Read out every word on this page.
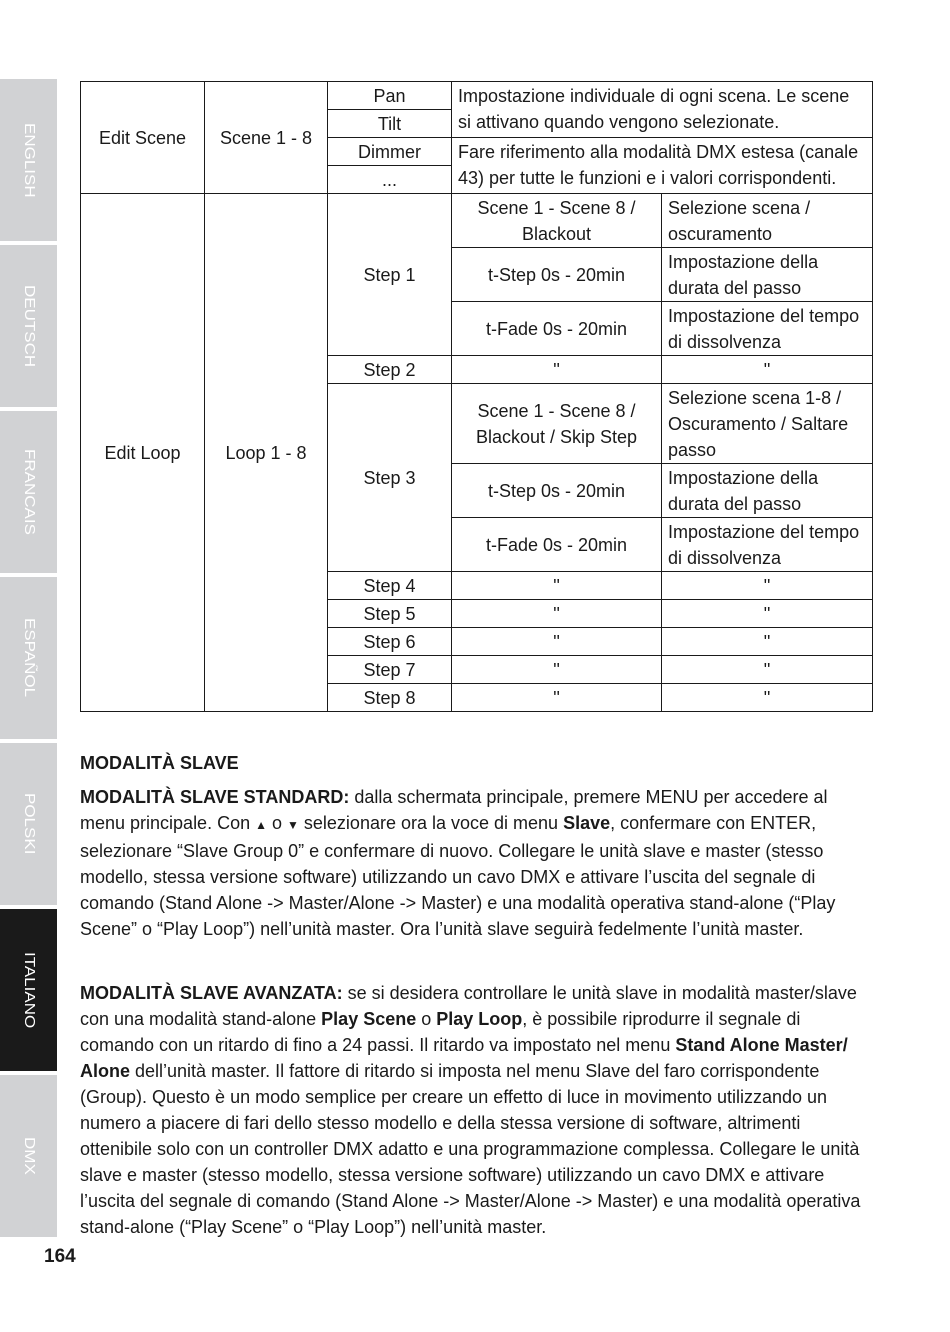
ENGLISH
DEUTSCH
FRANCAIS
ESPAÑOL
POLSKI
ITALIANO
DMX
Edit Scene	Scene 1 - 8	Pan	Impostazione individuale di ogni scena. Le scene si attivano quando vengono selezionate.	
		Tilt		
		Dimmer	Fare riferimento alla modalità DMX estesa (canale 43) per tutte le funzioni e i valori corrispondenti.	
		...		
Edit Loop	Loop 1 - 8	Step 1	Scene 1 - Scene 8 / Blackout	Selezione scena / oscuramento
			t-Step 0s - 20min	Impostazione della durata del passo
			t-Fade 0s - 20min	Impostazione del tempo di dissolvenza
		Step 2	''	''
		Step 3	Scene 1 - Scene 8 / Blackout / Skip Step	Selezione scena 1-8 / Oscuramento / Saltare passo
			t-Step 0s - 20min	Impostazione della durata del passo
			t-Fade 0s - 20min	Impostazione del tempo di dissolvenza
		Step 4	''	''
		Step 5	''	''
		Step 6	''	''
		Step 7	''	''
		Step 8	''	''
MODALITÀ SLAVE

MODALITÀ SLAVE STANDARD: dalla schermata principale, premere MENU per accedere al menu principale. Con ▲ o ▼ selezionare ora la voce di menu Slave, confermare con ENTER, selezionare “Slave Group 0” e confermare di nuovo. Collegare le unità slave e master (stesso modello, stessa versione software) utilizzando un cavo DMX e attivare l’uscita del segnale di comando (Stand Alone -> Master/Alone -> Master) e una modalità operativa stand-alone (“Play Scene” o “Play Loop”) nell’unità master. Ora l’unità slave seguirà fedelmente l’unità master.

MODALITÀ SLAVE AVANZATA: se si desidera controllare le unità slave in modalità master/slave con una modalità stand-alone Play Scene o Play Loop, è possibile riprodurre il segnale di comando con un ritardo di fino a 24 passi. Il ritardo va impostato nel menu Stand Alone Master/ Alone dell’unità master. Il fattore di ritardo si imposta nel menu Slave del faro corrispondente (Group). Questo è un modo semplice per creare un effetto di luce in movimento utilizzando un numero a piacere di fari dello stesso modello e della stessa versione di software, altrimenti ottenibile solo con un controller DMX adatto e una programmazione complessa. Collegare le unità slave e master (stesso modello, stessa versione software) utilizzando un cavo DMX e attivare l’uscita del segnale di comando (Stand Alone -> Master/Alone -> Master) e una modalità operativa stand-alone (“Play Scene” o “Play Loop”) nell’unità master.

164
